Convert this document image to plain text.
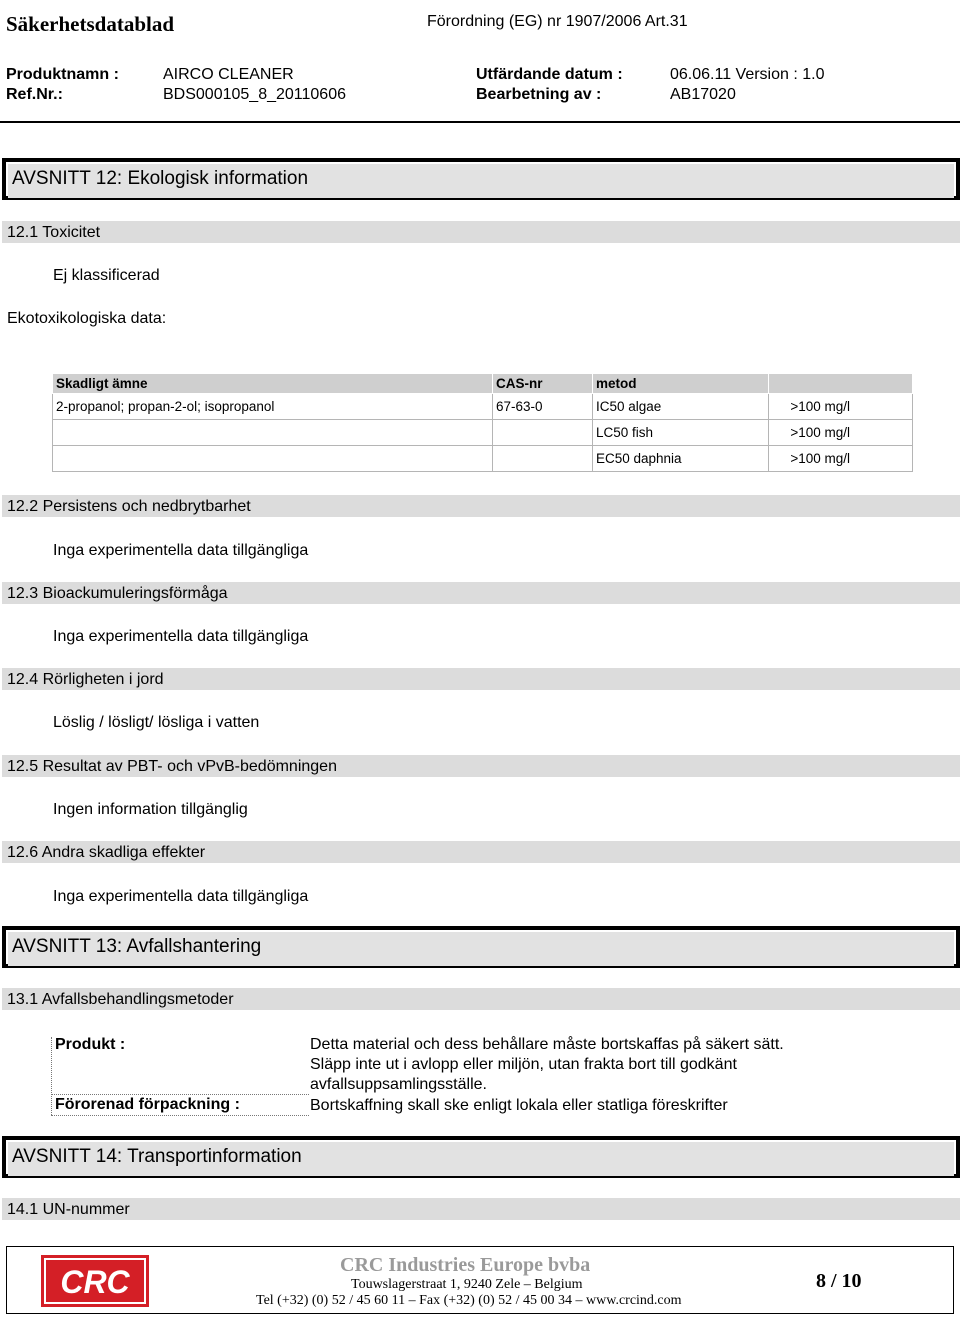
Säkerhetsdatablad	Förordning (EG) nr 1907/2006 Art.31
Produktnamn :	AIRCO CLEANER	Utfärdande datum :	06.06.11 Version : 1.0
Ref.Nr.:	BDS000105_8_20110606	Bearbetning av :	AB17020
AVSNITT 12: Ekologisk information
12.1 Toxicitet
Ej klassificerad
Ekotoxikologiska data:
Skadligt ämne	CAS-nr	metod	
2-propanol; propan-2-ol; isopropanol	67-63-0	IC50 algae	>100 mg/l
		LC50 fish	>100 mg/l
		EC50 daphnia	>100 mg/l
12.2 Persistens och nedbrytbarhet
Inga experimentella data tillgängliga
12.3 Bioackumuleringsförmåga
Inga experimentella data tillgängliga
12.4 Rörligheten i jord
Löslig / lösligt/ lösliga i vatten
12.5 Resultat av PBT- och vPvB-bedömningen
Ingen information tillgänglig
12.6 Andra skadliga effekter
Inga experimentella data tillgängliga
AVSNITT 13: Avfallshantering
13.1 Avfallsbehandlingsmetoder
Produkt :	Detta material och dess behållare måste bortskaffas på säkert sätt.
Släpp inte ut i avlopp eller miljön, utan frakta bort till godkänt
avfallsuppsamlingsställe.
Förorenad förpackning :	Bortskaffning skall ske enligt lokala eller statliga föreskrifter
AVSNITT 14: Transportinformation
14.1 UN-nummer
CRC	CRC Industries Europe bvba
Touwslagerstraat 1, 9240 Zele – Belgium
Tel (+32) (0) 52 / 45 60 11 – Fax (+32) (0) 52 / 45 00 34 – www.crcind.com
8 / 10
